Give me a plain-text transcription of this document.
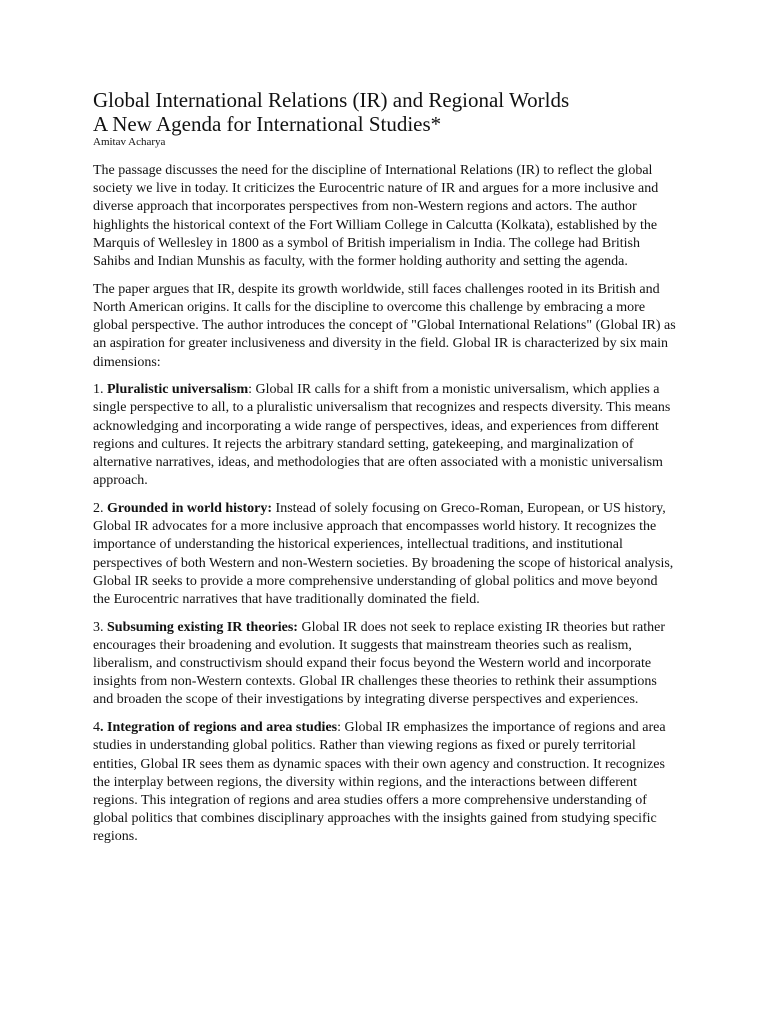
Global International Relations (IR) and Regional Worlds
A New Agenda for International Studies*
Amitav Acharya

The passage discusses the need for the discipline of International Relations (IR) to reflect the global society we live in today. It criticizes the Eurocentric nature of IR and argues for a more inclusive and diverse approach that incorporates perspectives from non-Western regions and actors. The author highlights the historical context of the Fort William College in Calcutta (Kolkata), established by the Marquis of Wellesley in 1800 as a symbol of British imperialism in India. The college had British Sahibs and Indian Munshis as faculty, with the former holding authority and setting the agenda.

The paper argues that IR, despite its growth worldwide, still faces challenges rooted in its British and North American origins. It calls for the discipline to overcome this challenge by embracing a more global perspective. The author introduces the concept of "Global International Relations" (Global IR) as an aspiration for greater inclusiveness and diversity in the field. Global IR is characterized by six main dimensions:

1. Pluralistic universalism: Global IR calls for a shift from a monistic universalism, which applies a single perspective to all, to a pluralistic universalism that recognizes and respects diversity. This means acknowledging and incorporating a wide range of perspectives, ideas, and experiences from different regions and cultures. It rejects the arbitrary standard setting, gatekeeping, and marginalization of alternative narratives, ideas, and methodologies that are often associated with a monistic universalism approach.

2. Grounded in world history: Instead of solely focusing on Greco-Roman, European, or US history, Global IR advocates for a more inclusive approach that encompasses world history. It recognizes the importance of understanding the historical experiences, intellectual traditions, and institutional perspectives of both Western and non-Western societies. By broadening the scope of historical analysis, Global IR seeks to provide a more comprehensive understanding of global politics and move beyond the Eurocentric narratives that have traditionally dominated the field.

3. Subsuming existing IR theories: Global IR does not seek to replace existing IR theories but rather encourages their broadening and evolution. It suggests that mainstream theories such as realism, liberalism, and constructivism should expand their focus beyond the Western world and incorporate insights from non-Western contexts. Global IR challenges these theories to rethink their assumptions and broaden the scope of their investigations by integrating diverse perspectives and experiences.

4. Integration of regions and area studies: Global IR emphasizes the importance of regions and area studies in understanding global politics. Rather than viewing regions as fixed or purely territorial entities, Global IR sees them as dynamic spaces with their own agency and construction. It recognizes the interplay between regions, the diversity within regions, and the interactions between different regions. This integration of regions and area studies offers a more comprehensive understanding of global politics that combines disciplinary approaches with the insights gained from studying specific regions.
